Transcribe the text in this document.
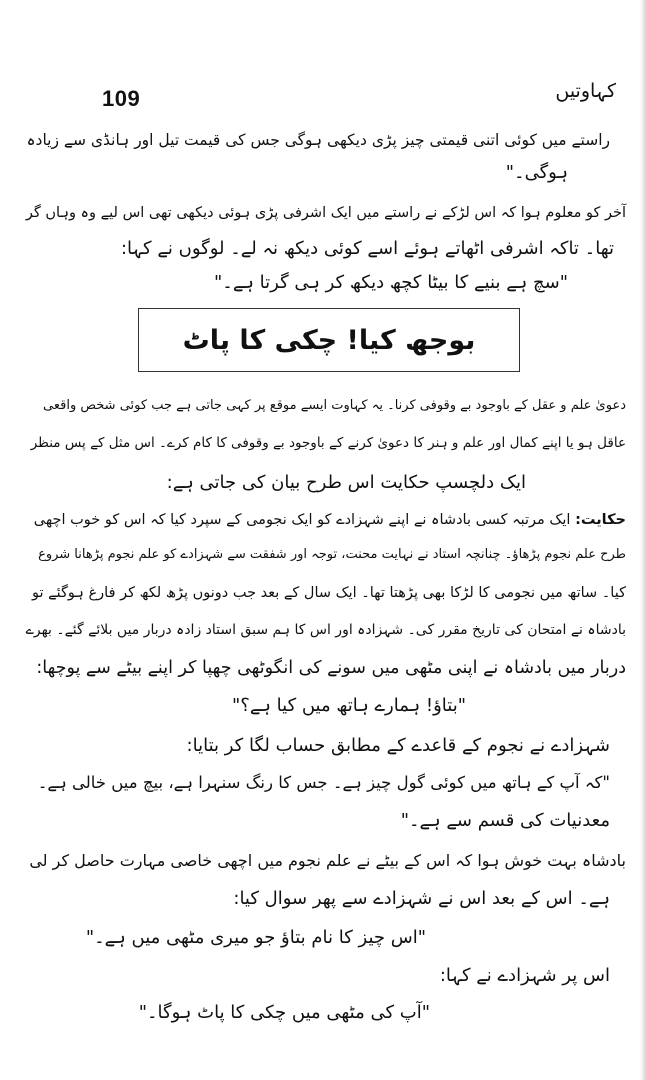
109	کہاوتیں
راستے میں کوئی اتنی قیمتی چیز پڑی دیکھی ہوگی جس کی قیمت تیل اور ہانڈی سے زیادہ
ہوگی۔"
آخر کو معلوم ہوا کہ اس لڑکے نے راستے میں ایک اشرفی پڑی ہوئی دیکھی تھی اس لیے وہ وہاں گر
تھا۔ تاکہ اشرفی اٹھاتے ہوئے اسے کوئی دیکھ نہ لے۔ لوگوں نے کہا:
"سچ ہے بنیے کا بیٹا کچھ دیکھ کر ہی گرتا ہے۔"
بوجھ کیا! چکی کا پاٹ
دعویٰ علم و عقل کے باوجود بے وقوفی کرنا۔ یہ کہاوت ایسے موقع پر کہی جاتی ہے جب کوئی شخص واقعی
عاقل ہو یا اپنے کمال اور علم و ہنر کا دعویٰ کرنے کے باوجود بے وقوفی کا کام کرے۔ اس مثل کے پس منظر
ایک دلچسپ حکایت اس طرح بیان کی جاتی ہے:
حکایت: ایک مرتبہ کسی بادشاہ نے اپنے شہزادے کو ایک نجومی کے سپرد کیا کہ اس کو خوب اچھی
طرح علم نجوم پڑھاؤ۔ چنانچہ استاد نے نہایت محنت، توجہ اور شفقت سے شہزادے کو علم نجوم پڑھانا شروع
کیا۔ ساتھ میں نجومی کا لڑکا بھی پڑھتا تھا۔ ایک سال کے بعد جب دونوں پڑھ لکھ کر فارغ ہوگئے تو
بادشاہ نے امتحان کی تاریخ مقرر کی۔ شہزادہ اور اس کا ہم سبق استاد زادہ دربار میں بلائے گئے۔ بھرے
دربار میں بادشاہ نے اپنی مٹھی میں سونے کی انگوٹھی چھپا کر اپنے بیٹے سے پوچھا:
"بتاؤ! ہمارے ہاتھ میں کیا ہے؟"
شہزادے نے نجوم کے قاعدے کے مطابق حساب لگا کر بتایا:
"کہ آپ کے ہاتھ میں کوئی گول چیز ہے۔ جس کا رنگ سنہرا ہے، بیچ میں خالی ہے۔
معدنیات کی قسم سے ہے۔"
بادشاہ بہت خوش ہوا کہ اس کے بیٹے نے علم نجوم میں اچھی خاصی مہارت حاصل کر لی
ہے۔ اس کے بعد اس نے شہزادے سے پھر سوال کیا:
"اس چیز کا نام بتاؤ جو میری مٹھی میں ہے۔"
اس پر شہزادے نے کہا:
"آپ کی مٹھی میں چکی کا پاٹ ہوگا۔"
